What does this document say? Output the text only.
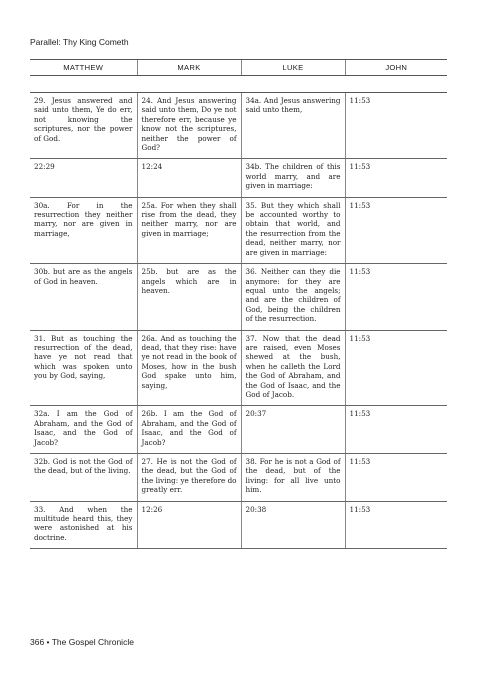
Parallel: Thy King Cometh
MATTHEW	MARK	LUKE	JOHN

29. Jesus answered and said unto them, Ye do err, not knowing the scriptures, nor the power of God.	24. And Jesus answering said unto them, Do ye not therefore err, because ye know not the scriptures, neither the power of God?	34a. And Jesus answering said unto them,	11:53
22:29	12:24	34b. The children of this world marry, and are given in marriage:	11:53
30a. For in the resurrection they neither marry, nor are given in marriage,	25a. For when they shall rise from the dead, they neither marry, nor are given in marriage;	35. But they which shall be accounted worthy to obtain that world, and the resurrection from the dead, neither marry, nor are given in marriage:	11:53
30b. but are as the angels of God in heaven.	25b. but are as the angels which are in heaven.	36. Neither can they die anymore: for they are equal unto the angels; and are the children of God, being the children of the resurrection.	11:53
31. But as touching the resurrection of the dead, have ye not read that which was spoken unto you by God, saying,	26a. And as touching the dead, that they rise: have ye not read in the book of Moses, how in the bush God spake unto him, saying,	37. Now that the dead are raised, even Moses shewed at the bush, when he calleth the Lord the God of Abraham, and the God of Isaac, and the God of Jacob.	11:53
32a. I am the God of Abraham, and the God of Isaac, and the God of Jacob?	26b. I am the God of Abraham, and the God of Isaac, and the God of Jacob?	20:37	11:53
32b. God is not the God of the dead, but of the living.	27. He is not the God of the dead, but the God of the living: ye therefore do greatly err.	38. For he is not a God of the dead, but of the living: for all live unto him.	11:53
33. And when the multitude heard this, they were astonished at his doctrine.	12:26	20:38	11:53
366 • The Gospel Chronicle
